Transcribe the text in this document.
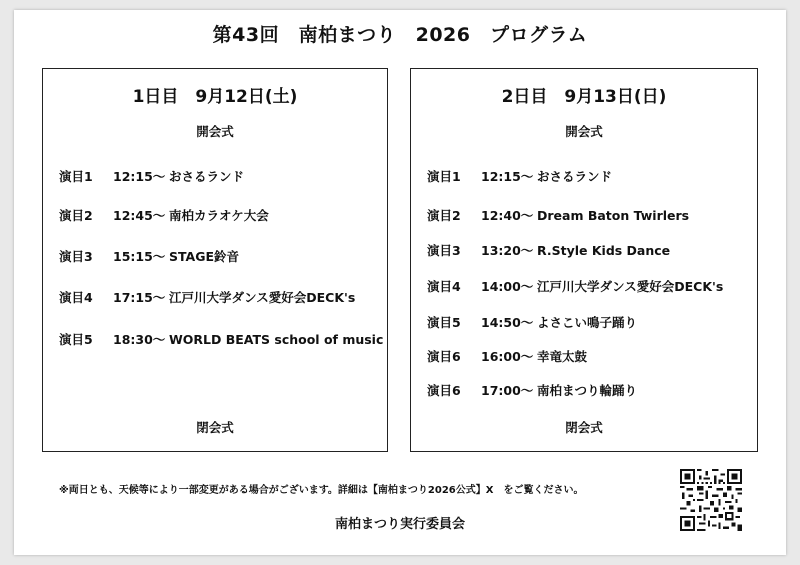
第43回　南柏まつり　2026　プログラム
1日目　9月12日(土)
開会式
演目1 12:15〜 おさるランド
演目2 12:45〜 南柏カラオケ大会
演目3 15:15〜 STAGE鈴音
演目4 17:15〜 江戸川大学ダンス愛好会DECK's
演目5 18:30〜 WORLD BEATS school of music
閉会式
2日目　9月13日(日)
開会式
演目1 12:15〜 おさるランド
演目2 12:40〜 Dream Baton Twirlers
演目3 13:20〜 R.Style Kids Dance
演目4 14:00〜 江戸川大学ダンス愛好会DECK's
演目5 14:50〜 よさこい鳴子踊り
演目6 16:00〜 幸竜太鼓
演目6 17:00〜 南柏まつり輪踊り
閉会式
※両日とも、天候等により一部変更がある場合がございます。詳細は【南柏まつり2026公式】X　をご覧ください。
南柏まつり実行委員会
